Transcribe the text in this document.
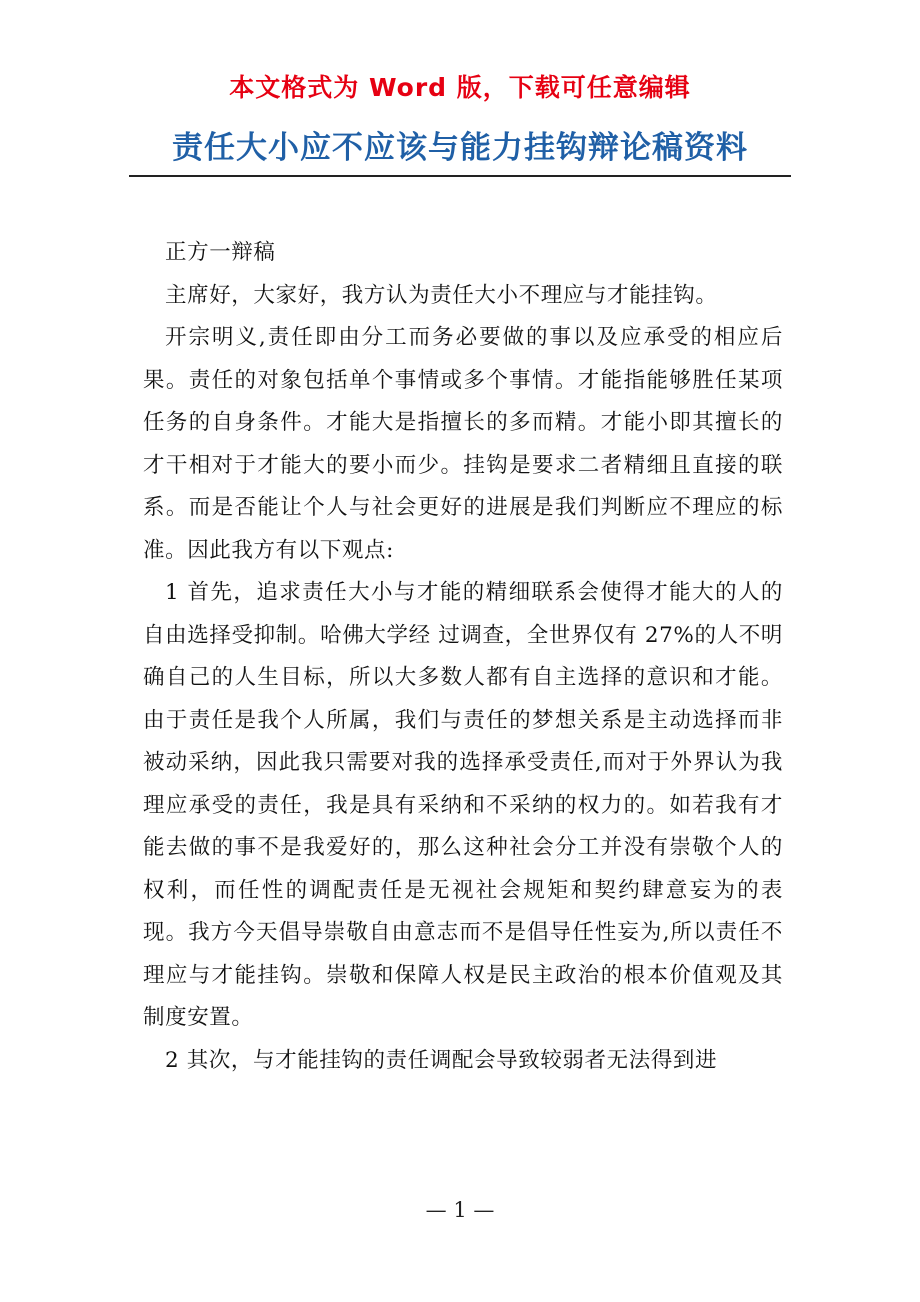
本文格式为 Word 版，下载可任意编辑
责任大小应不应该与能力挂钩辩论稿资料

正方一辩稿

主席好，大家好，我方认为责任大小不理应与才能挂钩。

开宗明义,责任即由分工而务必要做的事以及应承受的相应后果。责任的对象包括单个事情或多个事情。才能指能够胜任某项任务的自身条件。才能大是指擅长的多而精。才能小即其擅长的才干相对于才能大的要小而少。挂钩是要求二者精细且直接的联系。而是否能让个人与社会更好的进展是我们判断应不理应的标准。因此我方有以下观点:

1 首先，追求责任大小与才能的精细联系会使得才能大的人的自由选择受抑制。哈佛大学经 过调查，全世界仅有 27%的人不明确自己的人生目标，所以大多数人都有自主选择的意识和才能。 由于责任是我个人所属，我们与责任的梦想关系是主动选择而非被动采纳，因此我只需要对我的选择承受责任,而对于外界认为我理应承受的责任，我是具有采纳和不采纳的权力的。如若我有才能去做的事不是我爱好的，那么这种社会分工并没有崇敬个人的权利，而任性的调配责任是无视社会规矩和契约肆意妄为的表现。我方今天倡导崇敬自由意志而不是倡导任性妄为,所以责任不理应与才能挂钩。崇敬和保障人权是民主政治的根本价值观及其制度安置。

2 其次，与才能挂钩的责任调配会导致较弱者无法得到进

— 1 —
